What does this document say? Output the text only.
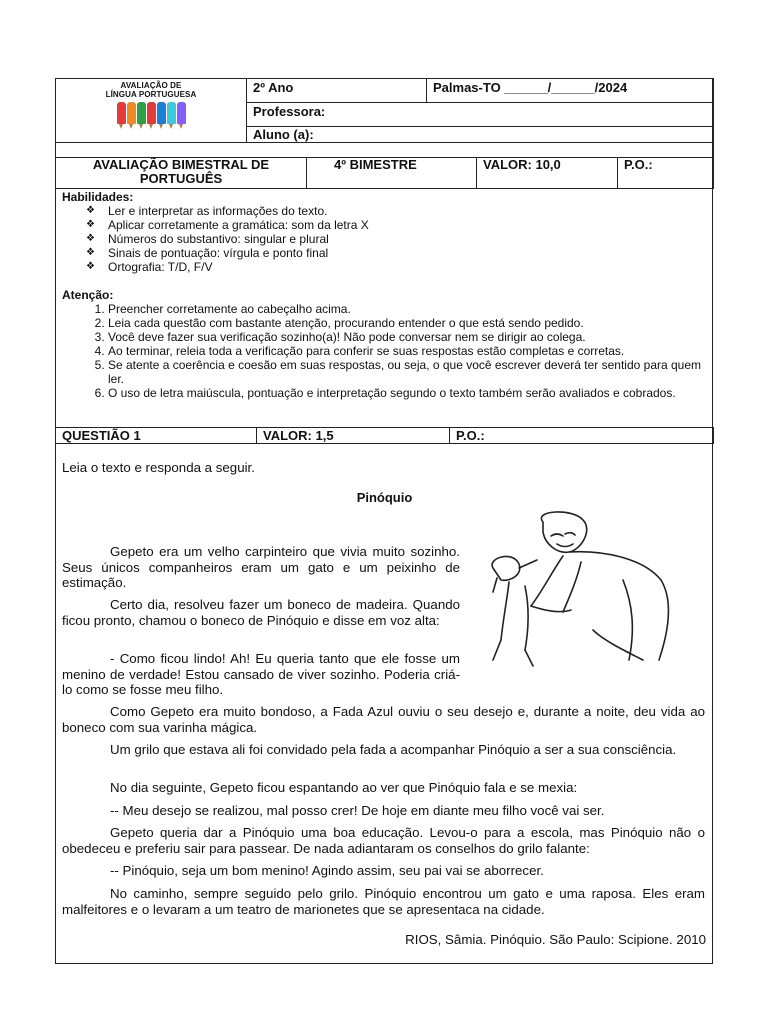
AVALIAÇÃO DE
LÍNGUA PORTUGUESA	2º Ano	Palmas-TO ______/______/2024
Professora:
Aluno (a):
AVALIAÇÃO BIMESTRAL DE PORTUGUÊS	4º BIMESTRE	VALOR: 10,0	P.O.:
Habilidades:
❖ Ler e interpretar as informações do texto.
❖ Aplicar corretamente a gramática: som da letra X
❖ Números do substantivo: singular e plural
❖ Sinais de pontuação: vírgula e ponto final
❖ Ortografia: T/D, F/V
Atenção:
1. Preencher corretamente ao cabeçalho acima.
2. Leia cada questão com bastante atenção, procurando entender o que está sendo pedido.
3. Você deve fazer sua verificação sozinho(a)! Não pode conversar nem se dirigir ao colega.
4. Ao terminar, releia toda a verificação para conferir se suas respostas estão completas e corretas.
5. Se atente a coerência e coesão em suas respostas, ou seja, o que você escrever deverá ter sentido para quem ler.
6. O uso de letra maiúscula, pontuação e interpretação segundo o texto também serão avaliados e cobrados.
QUESTIÃO 1	VALOR: 1,5	P.O.:
Leia o texto e responda a seguir.
Pinóquio
Gepeto era um velho carpinteiro que vivia muito sozinho. Seus únicos companheiros eram um gato e um peixinho de estimação.
Certo dia, resolveu fazer um boneco de madeira. Quando ficou pronto, chamou o boneco de Pinóquio e disse em voz alta:
- Como ficou lindo! Ah! Eu queria tanto que ele fosse um menino de verdade! Estou cansado de viver sozinho. Poderia criá-lo como se fosse meu filho.
Como Gepeto era muito bondoso, a Fada Azul ouviu o seu desejo e, durante a noite, deu vida ao boneco com sua varinha mágica.
Um grilo que estava ali foi convidado pela fada a acompanhar Pinóquio a ser a sua consciência.
No dia seguinte, Gepeto ficou espantando ao ver que Pinóquio fala e se mexia:
-- Meu desejo se realizou, mal posso crer! De hoje em diante meu filho você vai ser.
Gepeto queria dar a Pinóquio uma boa educação. Levou-o para a escola, mas Pinóquio não o obedeceu e preferiu sair para passear. De nada adiantaram os conselhos do grilo falante:
-- Pinóquio, seja um bom menino! Agindo assim, seu pai vai se aborrecer.
No caminho, sempre seguido pelo grilo. Pinóquio encontrou um gato e uma raposa. Eles eram malfeitores e o levaram a um teatro de marionetes que se apresentaca na cidade.
RIOS, Sâmia. Pinóquio. São Paulo: Scipione. 2010
